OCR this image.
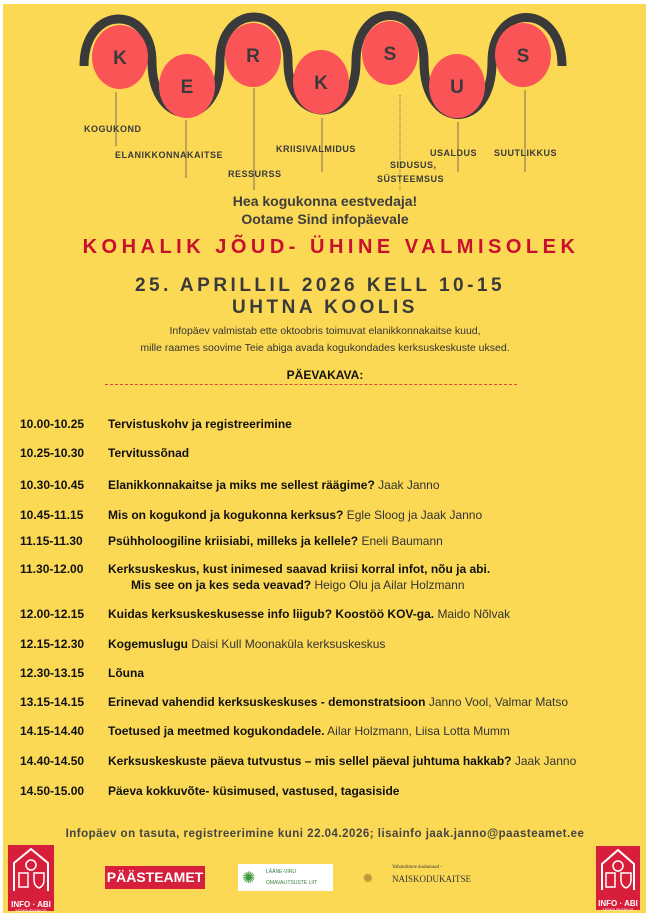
K
E
R
K
S
U
S
KOGUKOND
ELANIKKONNAKAITSE
RESSURSS
KRIISIVALMIDUS
SIDUSUS,
SÜSTEEMSUS
USALDUS SUUTLIKKUS
Hea kogukonna eestvedaja!
Ootame Sind infopäevale
KOHALIK JÕUD- ÜHINE VALMISOLEK
25. APRILLIL 2026 KELL 10-15
UHTNA KOOLIS
Infopäev valmistab ette oktoobris toimuvat elanikkonnakaitse kuud,
mille raames soovime Teie abiga avada kogukondades kerksuskeskuste uksed.
PÄEVAKAVA:
10.00-10.25 Tervistuskohv ja registreerimine
10.25-10.30 Tervitussõnad
10.30-10.45 Elanikkonnakaitse ja miks me sellest räägime? Jaak Janno
10.45-11.15 Mis on kogukond ja kogukonna kerksus? Egle Sloog ja Jaak Janno
11.15-11.30 Psühholoogiline kriisiabi, milleks ja kellele? Eneli Baumann
11.30-12.00 Kerksuskeskus, kust inimesed saavad kriisi korral infot, nõu ja abi.
Mis see on ja kes seda veavad? Heigo Olu ja Ailar Holzmann
12.00-12.15 Kuidas kerksuskeskusesse info liigub? Koostöö KOV-ga. Maido Nõlvak
12.15-12.30 Kogemuslugu Daisi Kull Moonaküla kerksuskeskus
12.30-13.15 Lõuna
13.15-14.15 Erinevad vahendid kerksuskeskuses - demonstratsioon Janno Vool, Valmar Matso
14.15-14.40 Toetused ja meetmed kogukondadele. Ailar Holzmann, Liisa Lotta Mumm
14.40-14.50 Kerksuskeskuste päeva tutvustus – mis sellel päeval juhtuma hakkab? Jaak Janno
14.50-15.00 Päeva kokkuvõte- küsimused, vastused, tagasiside
Infopäev on tasuta, registreerimine kuni 22.04.2026; lisainfo jaak.janno@paasteamet.ee
INFO · ABI
KERKSUSKESKUS
PÄÄSTEAMET ✺ LÄÄNE-VIRU
OMAVALITSUSTE LIIT	✹
Vabatahtune kodumaad -
NAISKODUKAITSE
INFO · ABI
KERKSUSKESKUS
